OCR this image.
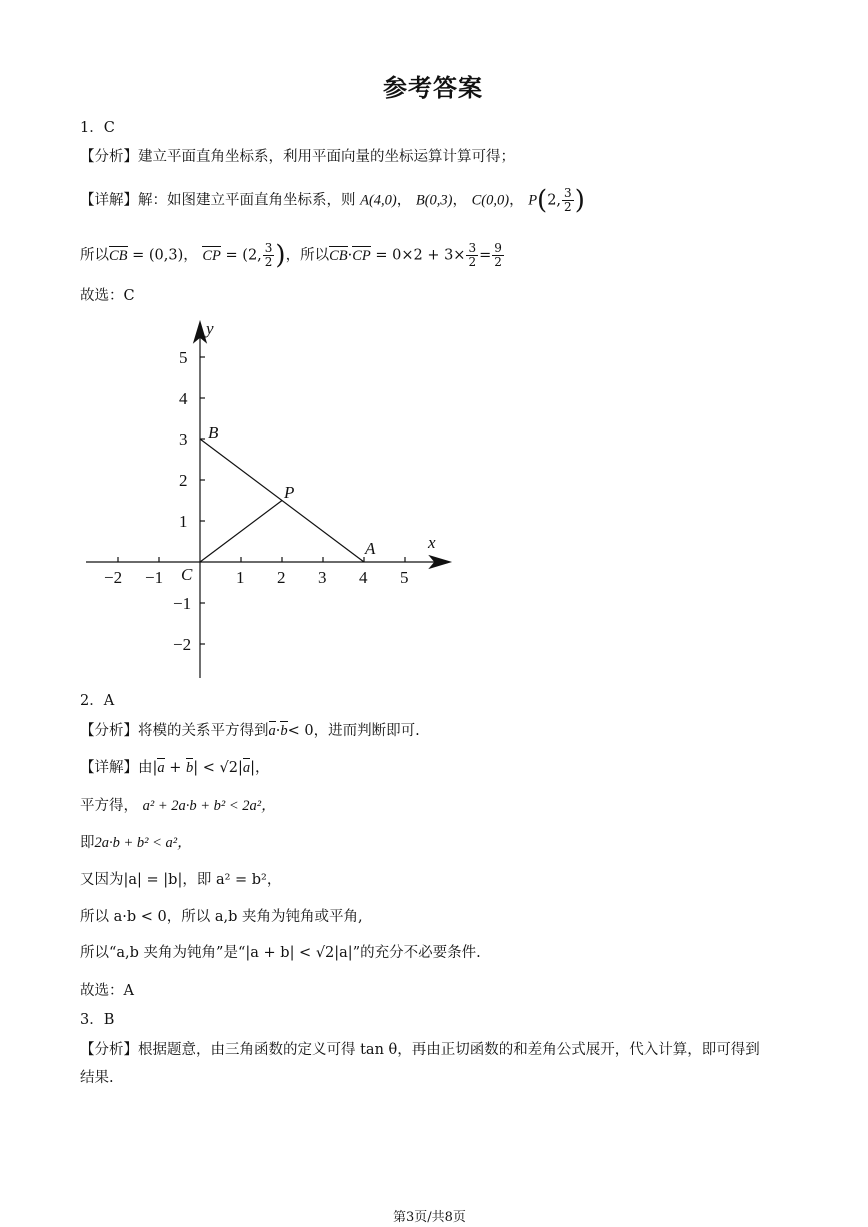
参考答案
1．C
【分析】建立平面直角坐标系，利用平面向量的坐标运算计算可得；
【详解】解：如图建立平面直角坐标系，则 A(4,0)， B(0,3)， C(0,0)， P(2, $\frac{3}{2}$ )
所以CB = (0,3)， CP = (2, $\frac{3}{2}$ )，所以$CB\cdot CP = 0\times 2 + 3\times \frac{3}{2} = \frac{9}{2}$
故选：C
−2 −1	1 2 3 4 5
5
4
3
2
1
−1
−2
x
y
B
P
A
C
2．A
【分析】将模的关系平方得到a·b< 0，进而判断即可.
【详解】由|a + b| < √2|a|，
平方得， a² + 2a·b + b² < 2a²，
即2a·b + b² < a²，
又因为|a| = |b|，即 a² = b²，
所以 a·b < 0，所以 a,b 夹角为钝角或平角,
所以“a,b 夹角为钝角”是“|a + b| < √2|a|”的充分不必要条件.
故选：A
3．B
【分析】根据题意，由三角函数的定义可得 tan θ，再由正切函数的和差角公式展开，代入计算，即可得到
结果.
第3页/共8页
